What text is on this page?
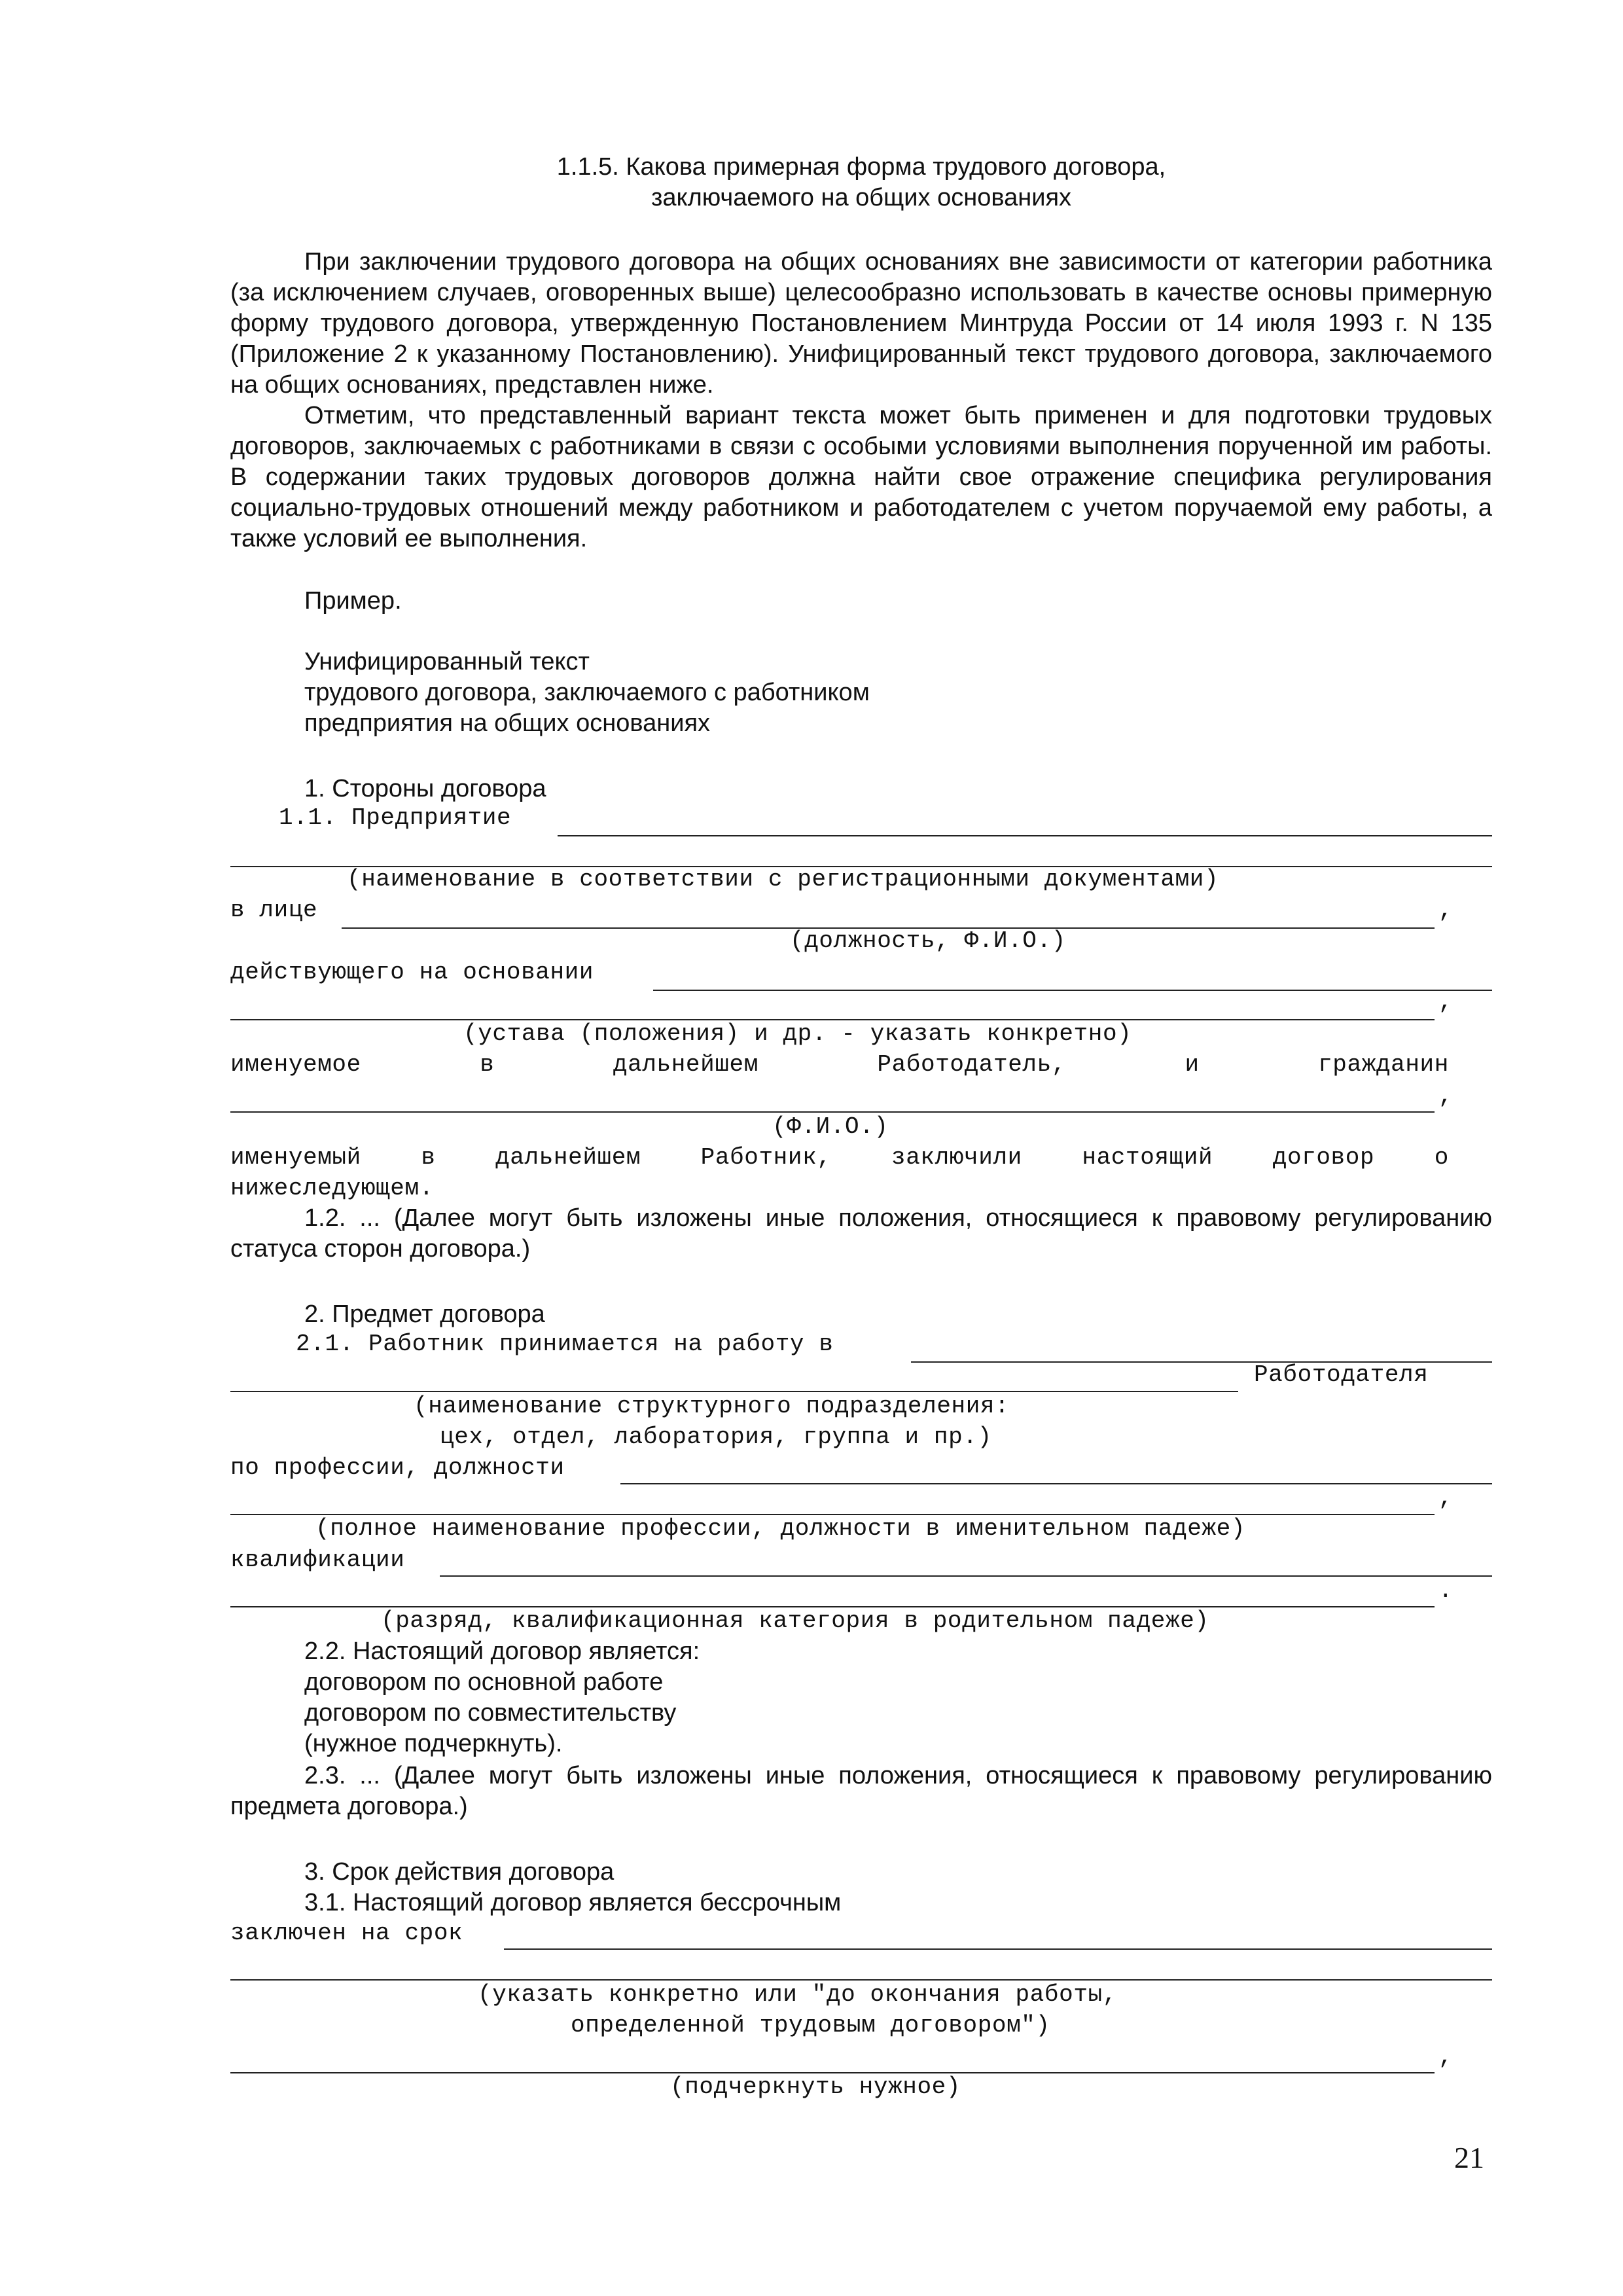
1.1.5. Какова примерная форма трудового договора,
заключаемого на общих основаниях
При заключении трудового договора на общих основаниях вне зависимости от категории работника (за исключением случаев, оговоренных выше) целесообразно использовать в качестве основы примерную форму трудового договора, утвержденную Постановлением Минтруда России от 14 июля 1993 г. N 135 (Приложение 2 к указанному Постановлению). Унифицированный текст трудового договора, заключаемого на общих основаниях, представлен ниже.
Отметим, что представленный вариант текста может быть применен и для подготовки трудовых договоров, заключаемых с работниками в связи с особыми условиями выполнения порученной им работы. В содержании таких трудовых договоров должна найти свое отражение специфика регулирования социально-трудовых отношений между работником и работодателем с учетом поручаемой ему работы, а также условий ее выполнения.
Пример.
Унифицированный текст
трудового договора, заключаемого с работником
предприятия на общих основаниях
1. Стороны договора
1.1. Предприятие
(наименование в соответствии с регистрационными документами)
в лице	,
(должность, Ф.И.О.)
действующего на основании
,
(устава (положения) и др. - указать конкретно)
именуемое	в	дальнейшем	Работодатель,	и	гражданин
,
(Ф.И.О.)
именуемый	в	дальнейшем	Работник,	заключили	настоящий	договор	о
нижеследующем.
1.2. ... (Далее могут быть изложены иные положения, относящиеся к правовому регулированию статуса сторон договора.)
2. Предмет договора
2.1. Работник принимается на работу в
Работодателя
(наименование структурного подразделения:
цех, отдел, лаборатория, группа и пр.)
по профессии, должности
,
(полное наименование профессии, должности в именительном падеже)
квалификации
.
(разряд, квалификационная категория в родительном падеже)
2.2. Настоящий договор является:
договором по основной работе
договором по совместительству
(нужное подчеркнуть).
2.3. ... (Далее могут быть изложены иные положения, относящиеся к правовому регулированию предмета договора.)
3. Срок действия договора
3.1. Настоящий договор является бессрочным
заключен на срок
(указать конкретно или "до окончания работы,
определенной трудовым договором")
,
(подчеркнуть нужное)
21
